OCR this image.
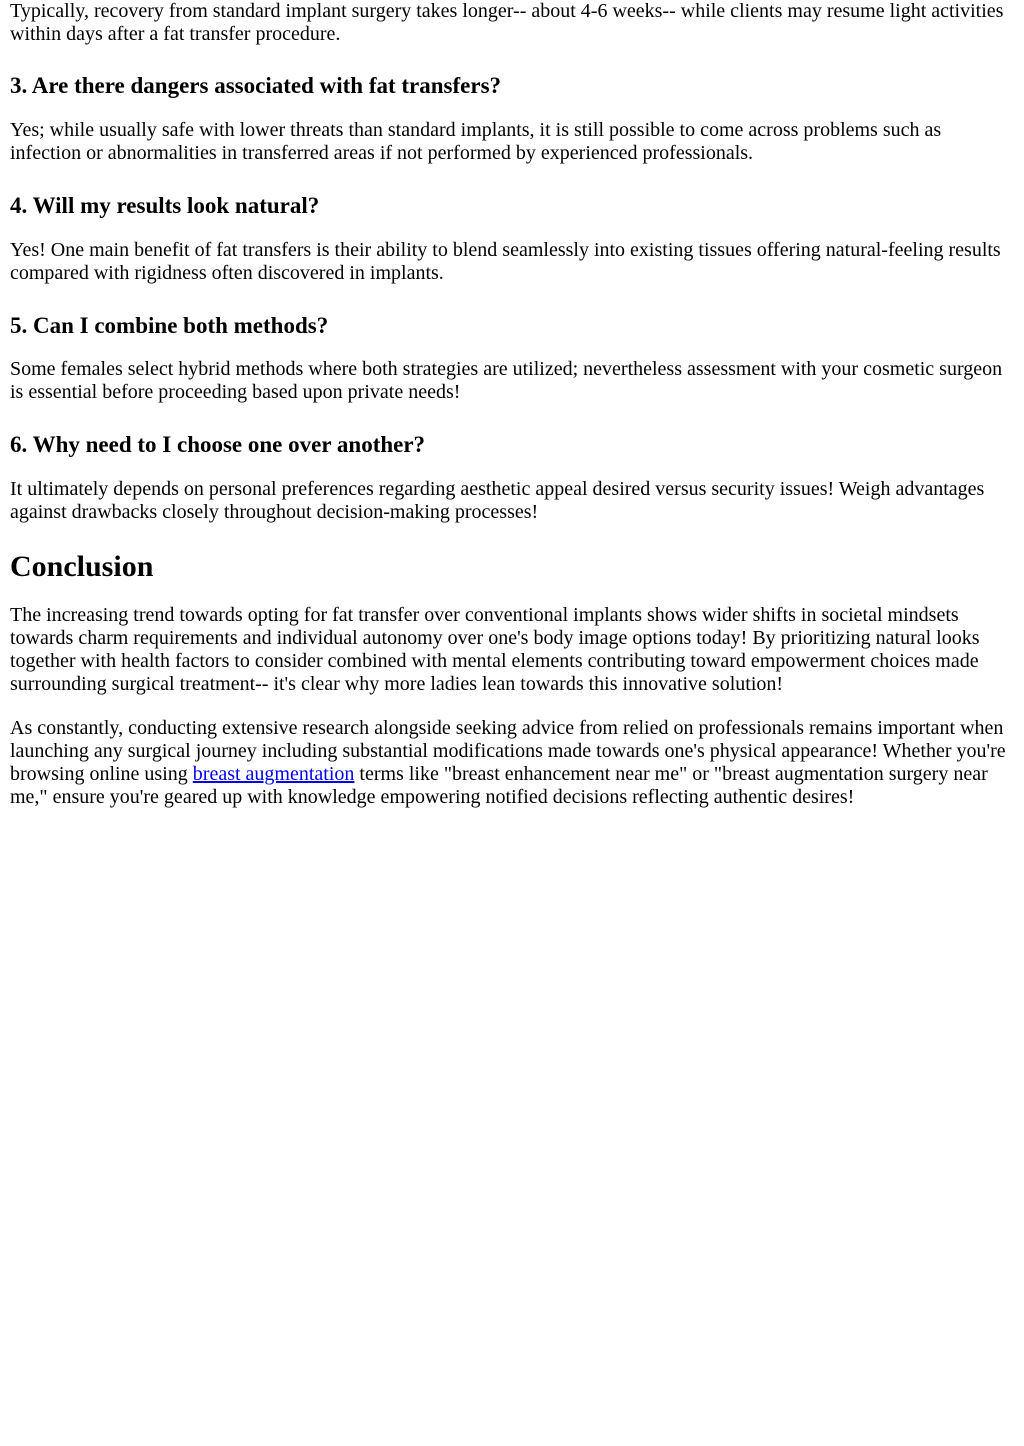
Typically, recovery from standard implant surgery takes longer-- about 4-6 weeks-- while clients may resume light activities within days after a fat transfer procedure.

3. Are there dangers associated with fat transfers?

Yes; while usually safe with lower threats than standard implants, it is still possible to come across problems such as infection or abnormalities in transferred areas if not performed by experienced professionals.

4. Will my results look natural?

Yes! One main benefit of fat transfers is their ability to blend seamlessly into existing tissues offering natural-feeling results compared with rigidness often discovered in implants.

5. Can I combine both methods?

Some females select hybrid methods where both strategies are utilized; nevertheless assessment with your cosmetic surgeon is essential before proceeding based upon private needs!

6. Why need to I choose one over another?

It ultimately depends on personal preferences regarding aesthetic appeal desired versus security issues! Weigh advantages against drawbacks closely throughout decision-making processes!

Conclusion

The increasing trend towards opting for fat transfer over conventional implants shows wider shifts in societal mindsets towards charm requirements and individual autonomy over one's body image options today! By prioritizing natural looks together with health factors to consider combined with mental elements contributing toward empowerment choices made surrounding surgical treatment-- it's clear why more ladies lean towards this innovative solution!

As constantly, conducting extensive research alongside seeking advice from relied on professionals remains important when launching any surgical journey including substantial modifications made towards one's physical appearance! Whether you're browsing online using breast augmentation terms like "breast enhancement near me" or "breast augmentation surgery near me," ensure you're geared up with knowledge empowering notified decisions reflecting authentic desires!
